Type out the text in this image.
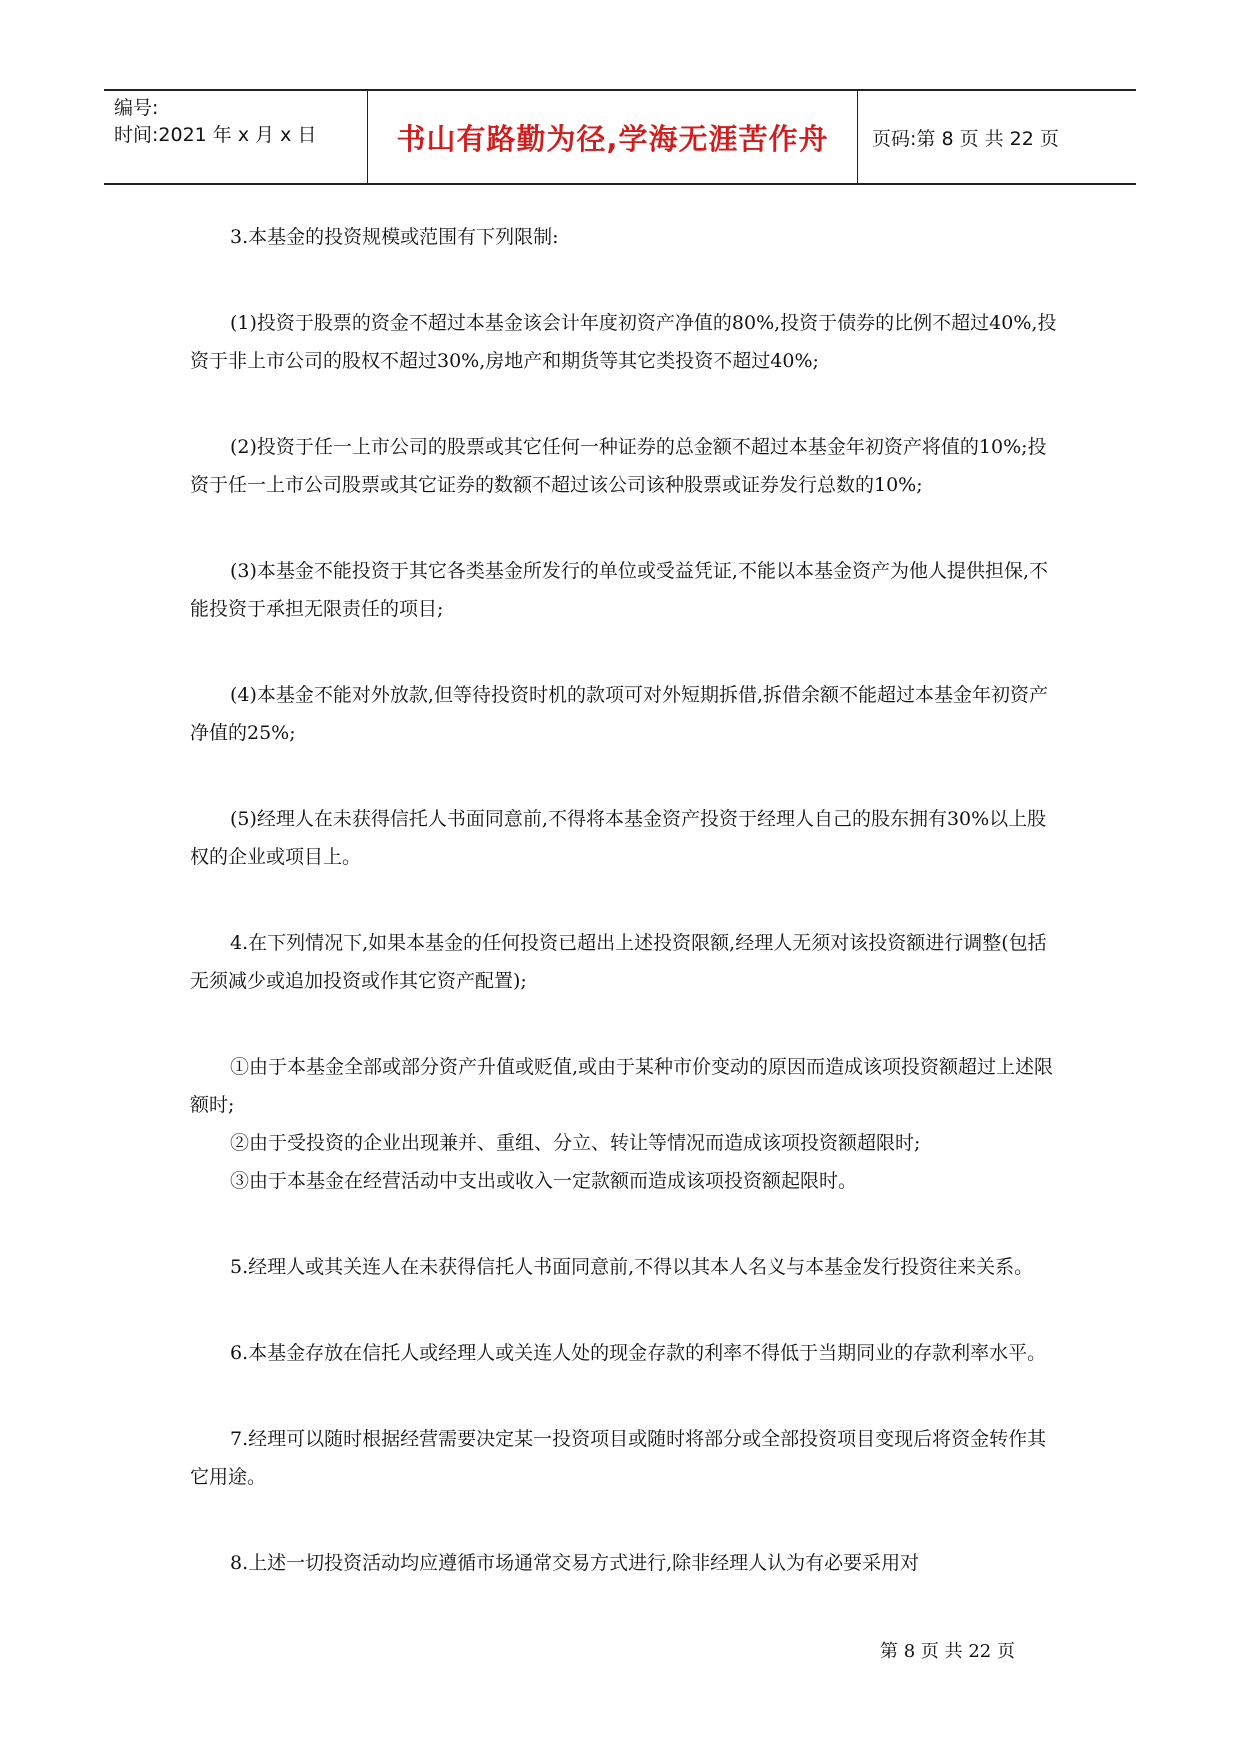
编号:
时间:2021 年 x 月 x 日	书山有路勤为径,学海无涯苦作舟	页码:第 8 页 共 22 页

3.本基金的投资规模或范围有下列限制:

(1)投资于股票的资金不超过本基金该会计年度初资产净值的80%,投资于债券的比例不超过40%,投资于非上市公司的股权不超过30%,房地产和期货等其它类投资不超过40%;

(2)投资于任一上市公司的股票或其它任何一种证券的总金额不超过本基金年初资产将值的10%;投资于任一上市公司股票或其它证券的数额不超过该公司该种股票或证券发行总数的10%;

(3)本基金不能投资于其它各类基金所发行的单位或受益凭证,不能以本基金资产为他人提供担保,不能投资于承担无限责任的项目;

(4)本基金不能对外放款,但等待投资时机的款项可对外短期拆借,拆借余额不能超过本基金年初资产净值的25%;

(5)经理人在未获得信托人书面同意前,不得将本基金资产投资于经理人自己的股东拥有30%以上股权的企业或项目上。

4.在下列情况下,如果本基金的任何投资已超出上述投资限额,经理人无须对该投资额进行调整(包括无须减少或追加投资或作其它资产配置);

①由于本基金全部或部分资产升值或贬值,或由于某种市价变动的原因而造成该项投资额超过上述限额时;

②由于受投资的企业出现兼并、重组、分立、转让等情况而造成该项投资额超限时;

③由于本基金在经营活动中支出或收入一定款额而造成该项投资额起限时。

5.经理人或其关连人在未获得信托人书面同意前,不得以其本人名义与本基金发行投资往来关系。

6.本基金存放在信托人或经理人或关连人处的现金存款的利率不得低于当期同业的存款利率水平。

7.经理可以随时根据经营需要决定某一投资项目或随时将部分或全部投资项目变现后将资金转作其它用途。

8.上述一切投资活动均应遵循市场通常交易方式进行,除非经理人认为有必要采用对

第 8 页 共 22 页
